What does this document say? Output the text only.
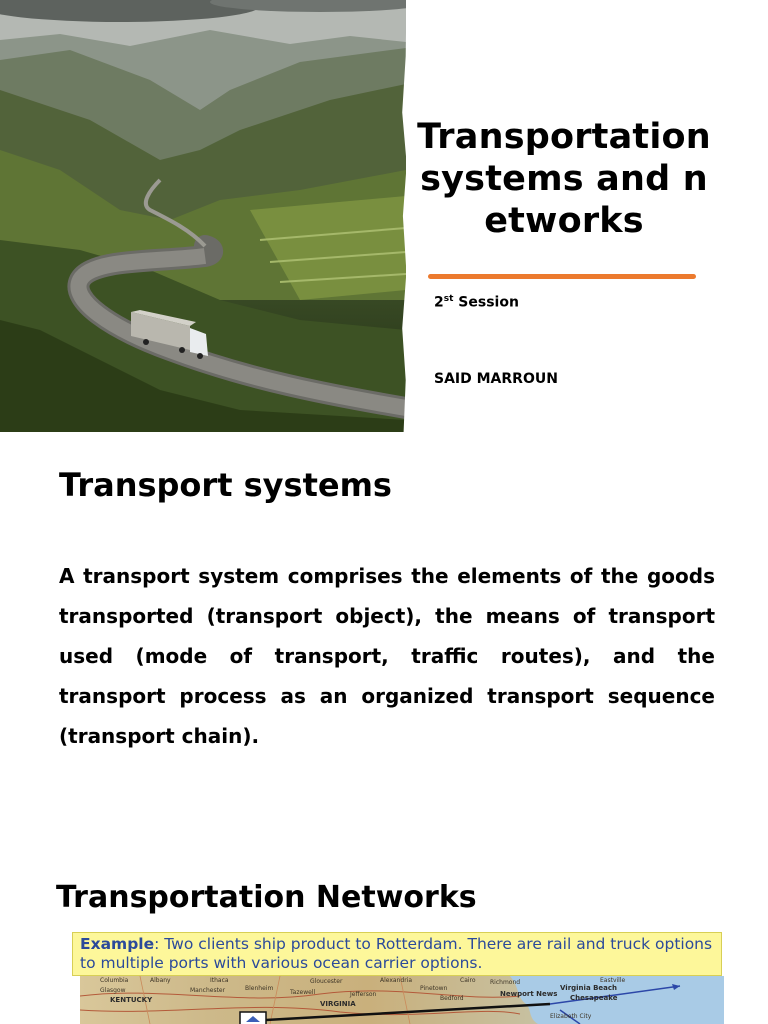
Transportation systems and networks
2st Session
SAID MARROUN
Transport systems
A transport system comprises the elements of the goods transported (transport object), the means of transport used (mode of transport, traffic routes), and the transport process as an organized transport sequence (transport chain).
Transportation Networks
Example: Two clients ship product to Rotterdam. There are rail and truck options to multiple ports with various ocean carrier options.
Columbia	Albany	Ithaca
Glasgow	Manchester	Blenheim
Gloucester
Tazewell
Alexandria
Jefferson
Pinetown
Cairo
Bedford
Richmond
Newport News
Virginia Beach
Chesapeake
Eastville
Elizabeth City
VIRGINIA
KENTUCKY
